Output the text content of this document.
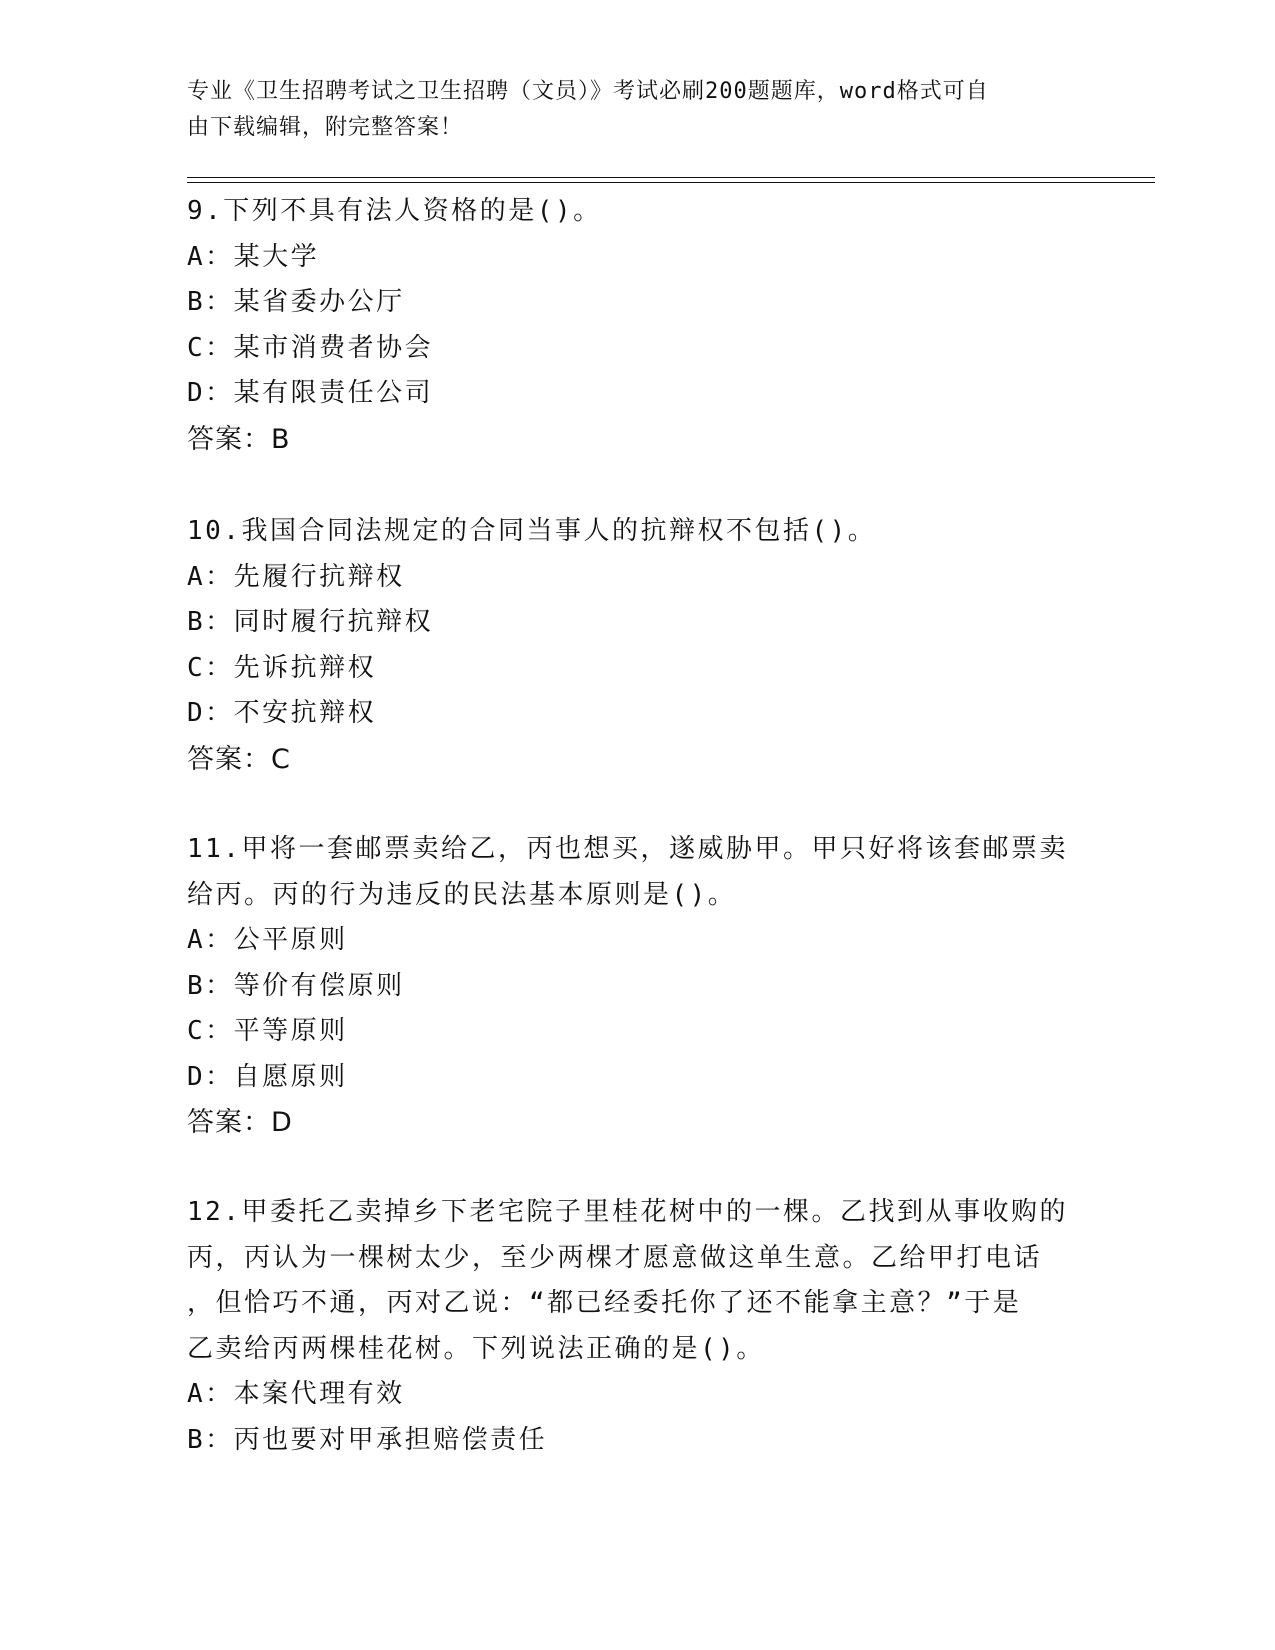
专业《卫生招聘考试之卫生招聘（文员）》考试必刷200题题库，word格式可自
由下载编辑，附完整答案！
9.下列不具有法人资格的是()。
A：某大学
B：某省委办公厅
C：某市消费者协会
D：某有限责任公司
答案：B
10.我国合同法规定的合同当事人的抗辩权不包括()。
A：先履行抗辩权
B：同时履行抗辩权
C：先诉抗辩权
D：不安抗辩权
答案：C
11.甲将一套邮票卖给乙，丙也想买，遂威胁甲。甲只好将该套邮票卖
给丙。丙的行为违反的民法基本原则是()。
A：公平原则
B：等价有偿原则
C：平等原则
D：自愿原则
答案：D
12.甲委托乙卖掉乡下老宅院子里桂花树中的一棵。乙找到从事收购的
丙，丙认为一棵树太少，至少两棵才愿意做这单生意。乙给甲打电话
，但恰巧不通，丙对乙说：“都已经委托你了还不能拿主意？”于是
乙卖给丙两棵桂花树。下列说法正确的是()。
A：本案代理有效
B：丙也要对甲承担赔偿责任
